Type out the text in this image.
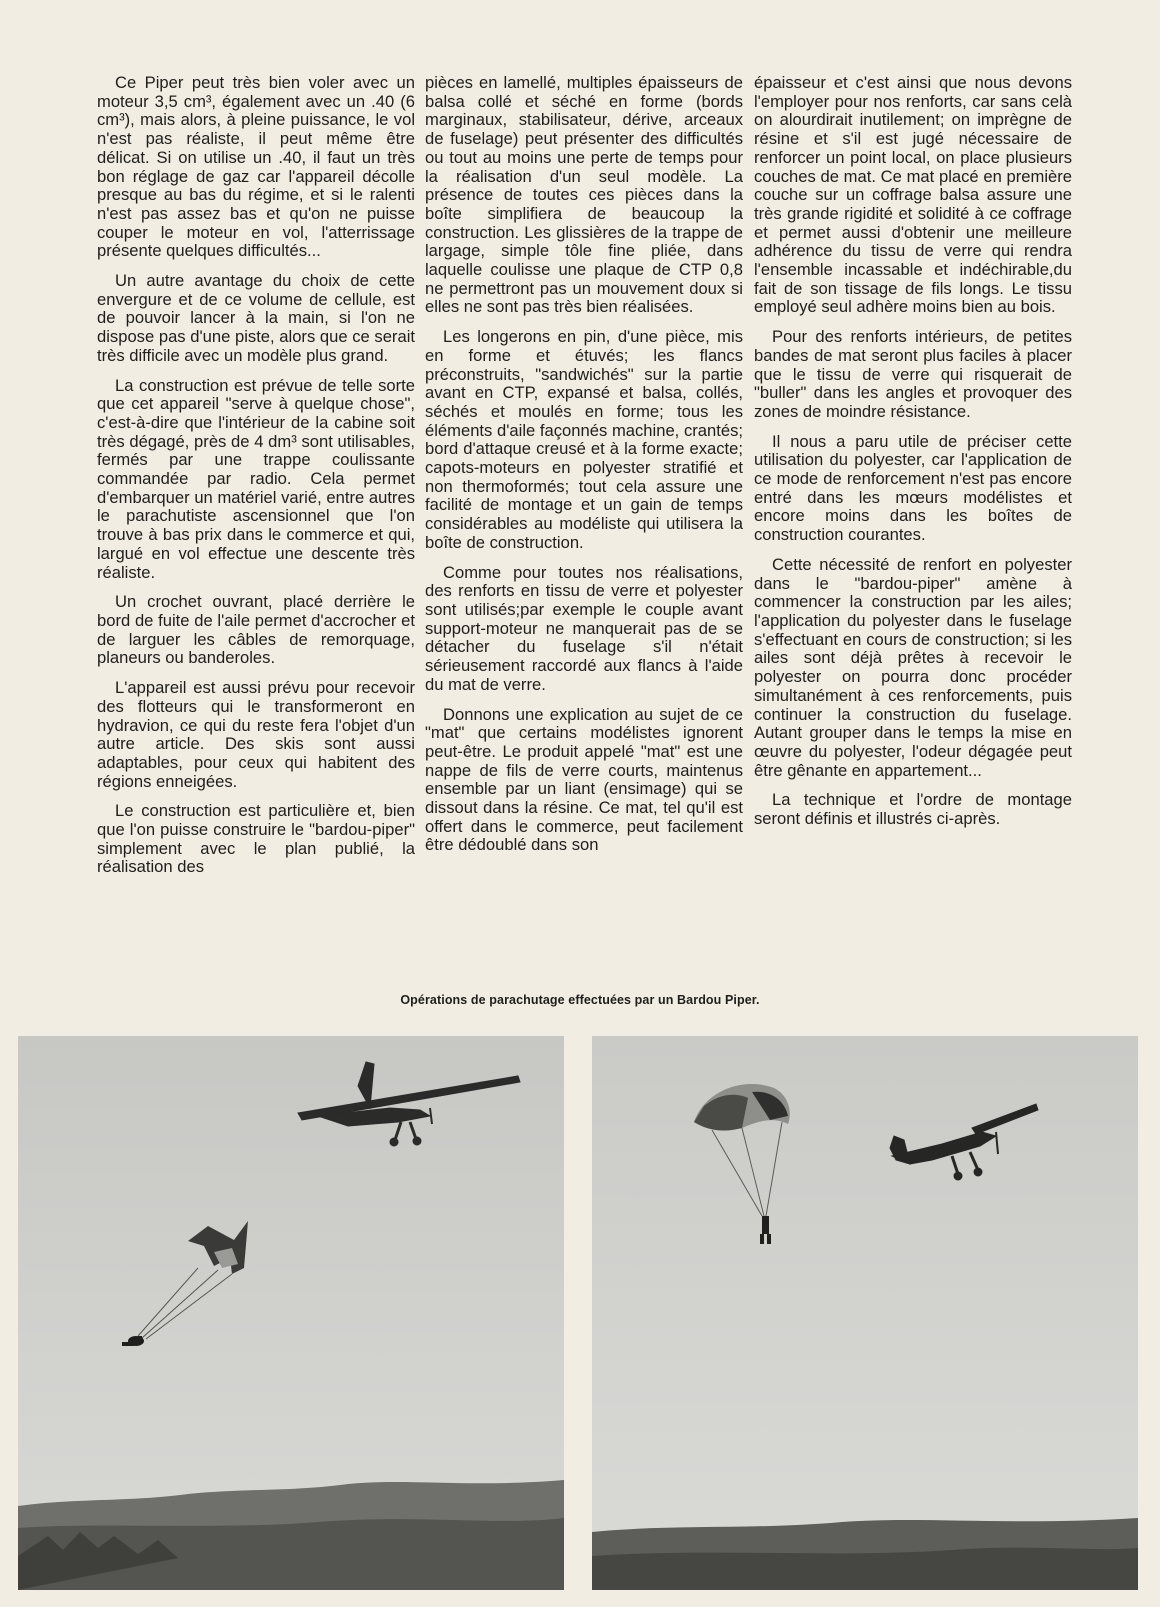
Ce Piper peut très bien voler avec un moteur 3,5 cm³, également avec un .40 (6 cm³), mais alors, à pleine puissance, le vol n'est pas réaliste, il peut même être délicat. Si on utilise un .40, il faut un très bon réglage de gaz car l'appareil décolle presque au bas du régime, et si le ralenti n'est pas assez bas et qu'on ne puisse couper le moteur en vol, l'atterrissage présente quelques difficultés...

Un autre avantage du choix de cette envergure et de ce volume de cellule, est de pouvoir lancer à la main, si l'on ne dispose pas d'une piste, alors que ce serait très difficile avec un modèle plus grand.

La construction est prévue de telle sorte que cet appareil "serve à quelque chose", c'est-à-dire que l'intérieur de la cabine soit très dégagé, près de 4 dm³ sont utilisables, fermés par une trappe coulissante commandée par radio. Cela permet d'embarquer un matériel varié, entre autres le parachutiste ascensionnel que l'on trouve à bas prix dans le commerce et qui, largué en vol effectue une descente très réaliste.

Un crochet ouvrant, placé derrière le bord de fuite de l'aile permet d'accrocher et de larguer les câbles de remorquage, planeurs ou banderoles.

L'appareil est aussi prévu pour recevoir des flotteurs qui le transformeront en hydravion, ce qui du reste fera l'objet d'un autre article. Des skis sont aussi adaptables, pour ceux qui habitent des régions enneigées.

Le construction est particulière et, bien que l'on puisse construire le "bardou-piper" simplement avec le plan publié, la réalisation des

pièces en lamellé, multiples épaisseurs de balsa collé et séché en forme (bords marginaux, stabilisateur, dérive, arceaux de fuselage) peut présenter des difficultés ou tout au moins une perte de temps pour la réalisation d'un seul modèle. La présence de toutes ces pièces dans la boîte simplifiera de beaucoup la construction. Les glissières de la trappe de largage, simple tôle fine pliée, dans laquelle coulisse une plaque de CTP 0,8 ne permettront pas un mouvement doux si elles ne sont pas très bien réalisées.

Les longerons en pin, d'une pièce, mis en forme et étuvés; les flancs préconstruits, "sandwichés" sur la partie avant en CTP, expansé et balsa, collés, séchés et moulés en forme; tous les éléments d'aile façonnés machine, crantés; bord d'attaque creusé et à la forme exacte; capots-moteurs en polyester stratifié et non thermoformés; tout cela assure une facilité de montage et un gain de temps considérables au modéliste qui utilisera la boîte de construction.

Comme pour toutes nos réalisations, des renforts en tissu de verre et polyester sont utilisés;par exemple le couple avant support-moteur ne manquerait pas de se détacher du fuselage s'il n'était sérieusement raccordé aux flancs à l'aide du mat de verre.

Donnons une explication au sujet de ce "mat" que certains modélistes ignorent peut-être. Le produit appelé "mat" est une nappe de fils de verre courts, maintenus ensemble par un liant (ensimage) qui se dissout dans la résine. Ce mat, tel qu'il est offert dans le commerce, peut facilement être dédoublé dans son

épaisseur et c'est ainsi que nous devons l'employer pour nos renforts, car sans celà on alourdirait inutilement; on imprègne de résine et s'il est jugé nécessaire de renforcer un point local, on place plusieurs couches de mat. Ce mat placé en première couche sur un coffrage balsa assure une très grande rigidité et solidité à ce coffrage et permet aussi d'obtenir une meilleure adhérence du tissu de verre qui rendra l'ensemble incassable et indéchirable,du fait de son tissage de fils longs. Le tissu employé seul adhère moins bien au bois.

Pour des renforts intérieurs, de petites bandes de mat seront plus faciles à placer que le tissu de verre qui risquerait de "buller" dans les angles et provoquer des zones de moindre résistance.

Il nous a paru utile de préciser cette utilisation du polyester, car l'application de ce mode de renforcement n'est pas encore entré dans les mœurs modélistes et encore moins dans les boîtes de construction courantes.

Cette nécessité de renfort en polyester dans le "bardou-piper" amène à commencer la construction par les ailes; l'application du polyester dans le fuselage s'effectuant en cours de construction; si les ailes sont déjà prêtes à recevoir le polyester on pourra donc procéder simultanément à ces renforcements, puis continuer la construction du fuselage. Autant grouper dans le temps la mise en œuvre du polyester, l'odeur dégagée peut être gênante en appartement...

La technique et l'ordre de montage seront définis et illustrés ci-après.

Opérations de parachutage effectuées par un Bardou Piper.
